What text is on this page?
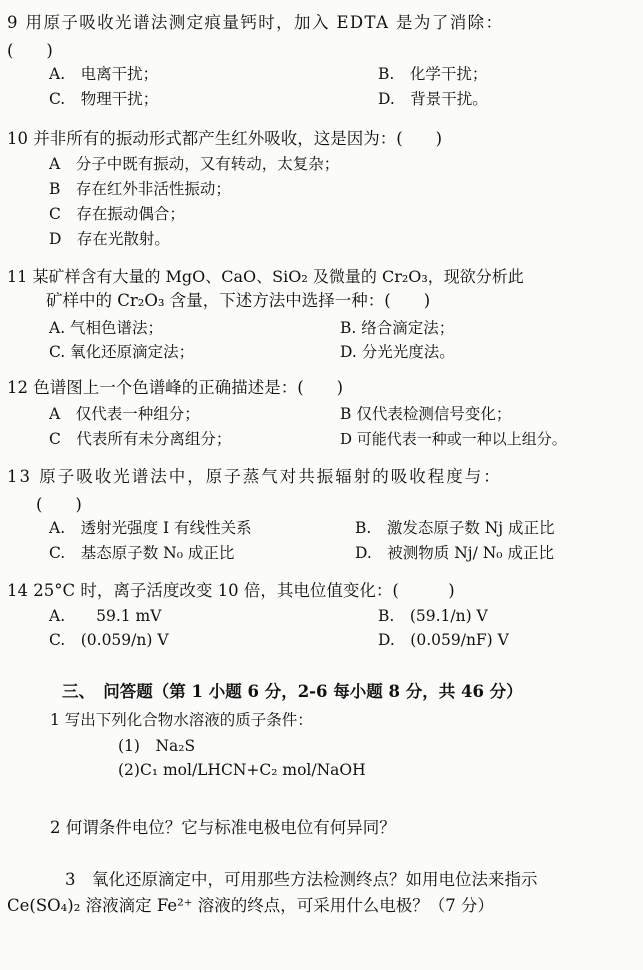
9 用原子吸收光谱法测定痕量钙时，加入 EDTA 是为了消除：
(　　)
A.　电离干扰；	B.　化学干扰；
C.　物理干扰；	D.　背景干扰。
10 并非所有的振动形式都产生红外吸收，这是因为：(　　)
A　分子中既有振动，又有转动，太复杂；
B　存在红外非活性振动；
C　存在振动偶合；
D　存在光散射。
11 某矿样含有大量的 MgO、CaO、SiO₂ 及微量的 Cr₂O₃，现欲分析此
矿样中的 Cr₂O₃ 含量，下述方法中选择一种：(　　)
A. 气相色谱法；	B. 络合滴定法；
C. 氧化还原滴定法；	D. 分光光度法。
12 色谱图上一个色谱峰的正确描述是：(　　)
A　仅代表一种组分；	B 仅代表检测信号变化；
C　代表所有未分离组分；	D 可能代表一种或一种以上组分。
13 原子吸收光谱法中，原子蒸气对共振辐射的吸收程度与：
(　　)
A.　透射光强度 I 有线性关系	B.　激发态原子数 Nj 成正比
C.　基态原子数 N₀ 成正比	D.　被测物质 Nj/ N₀ 成正比
14 25°C 时，离子活度改变 10 倍，其电位值变化：(　　　)
A.　　59.1 mV	B.　(59.1/n) V
C.　(0.059/n) V	D.　(0.059/nF) V
三、　问答题（第 1 小题 6 分，2-6 每小题 8 分，共 46 分）
1 写出下列化合物水溶液的质子条件：
(1)　Na₂S
(2)C₁ mol/LHCN+C₂ mol/NaOH
2 何谓条件电位？它与标准电极电位有何异同？
3　氧化还原滴定中，可用那些方法检测终点？如用电位法来指示
Ce(SO₄)₂ 溶液滴定 Fe²⁺ 溶液的终点，可采用什么电极？（7 分）
